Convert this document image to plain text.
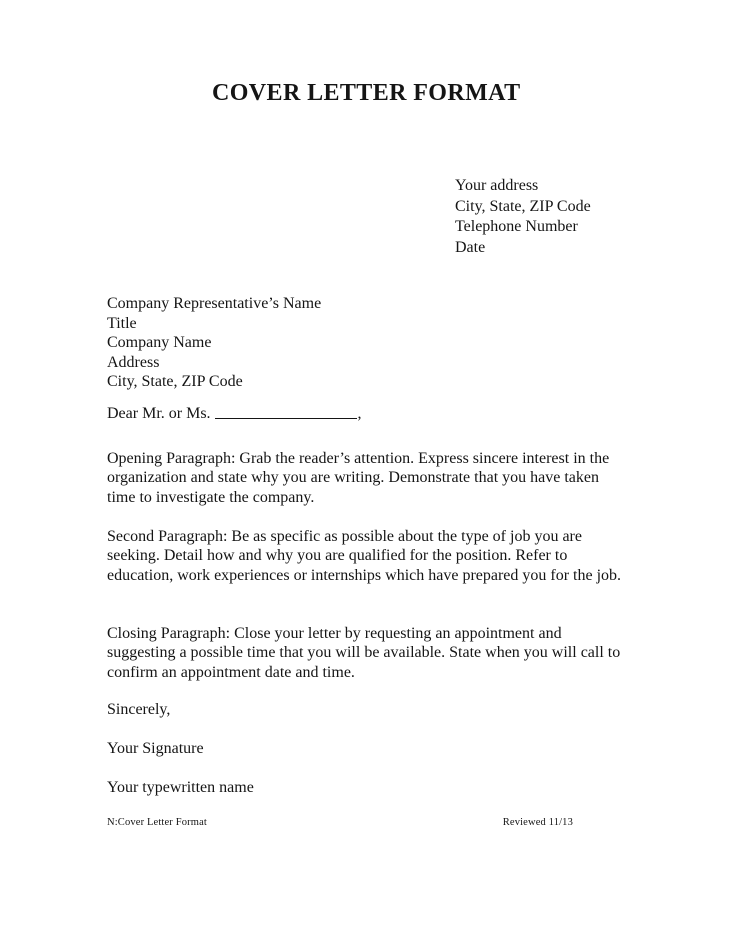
COVER LETTER FORMAT
Your address
City, State, ZIP Code
Telephone Number
Date
Company Representative’s Name
Title
Company Name
Address
City, State, ZIP Code
Dear Mr. or Ms.	,
Opening Paragraph: Grab the reader’s attention. Express sincere interest in the organization and state why you are writing. Demonstrate that you have taken time to investigate the company.
Second Paragraph: Be as specific as possible about the type of job you are seeking. Detail how and why you are qualified for the position. Refer to education, work experiences or internships which have prepared you for the job.
Closing Paragraph: Close your letter by requesting an appointment and suggesting a possible time that you will be available. State when you will call to confirm an appointment date and time.
Sincerely,
Your Signature
Your typewritten name
N:Cover Letter Format	Reviewed 11/13
